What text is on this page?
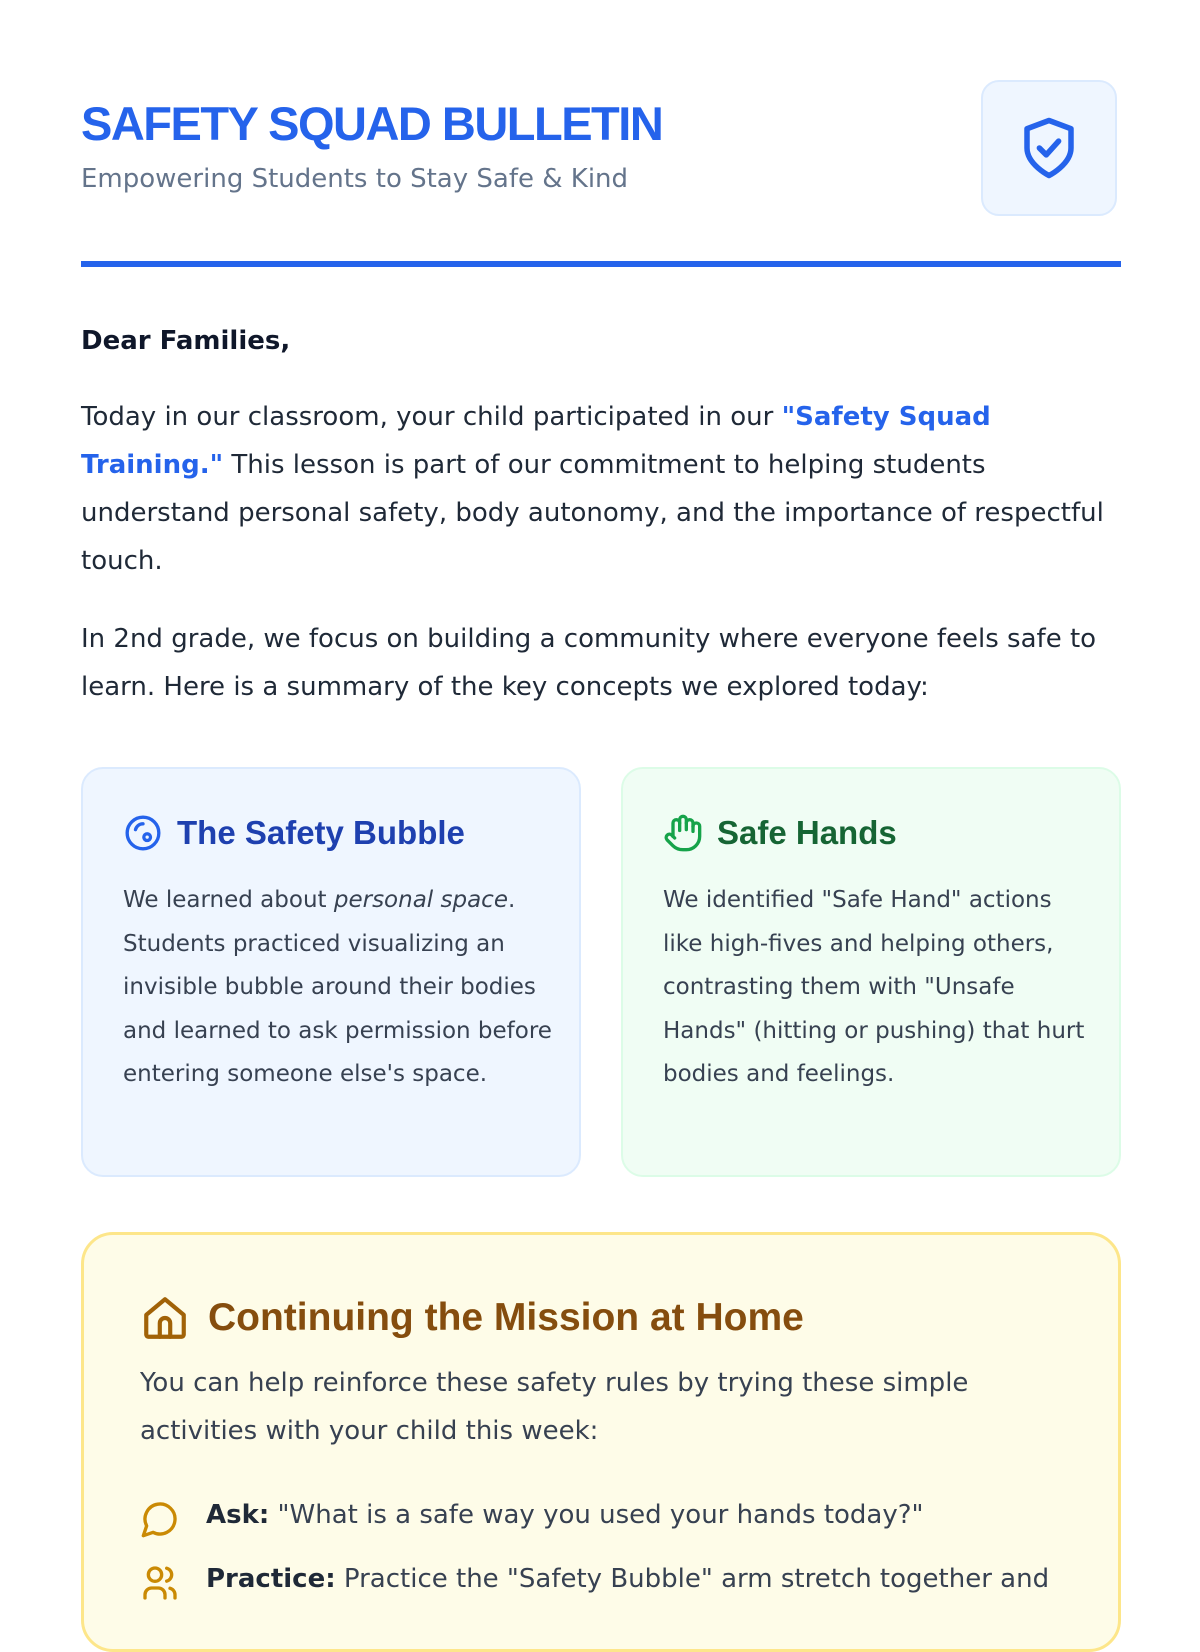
SAFETY SQUAD BULLETIN
Empowering Students to Stay Safe & Kind

Dear Families,

Today in our classroom, your child participated in our "Safety Squad Training." This lesson is part of our commitment to helping students understand personal safety, body autonomy, and the importance of respectful touch.

In 2nd grade, we focus on building a community where everyone feels safe to learn. Here is a summary of the key concepts we explored today:

The Safety Bubble

We learned about personal space. Students practiced visualizing an invisible bubble around their bodies and learned to ask permission before entering someone else's space.

Safe Hands

We identified "Safe Hand" actions like high-fives and helping others, contrasting them with "Unsafe Hands" (hitting or pushing) that hurt bodies and feelings.

Continuing the Mission at Home

You can help reinforce these safety rules by trying these simple activities with your child this week:

Ask: "What is a safe way you used your hands today?"
Practice: Practice the "Safety Bubble" arm stretch together and
